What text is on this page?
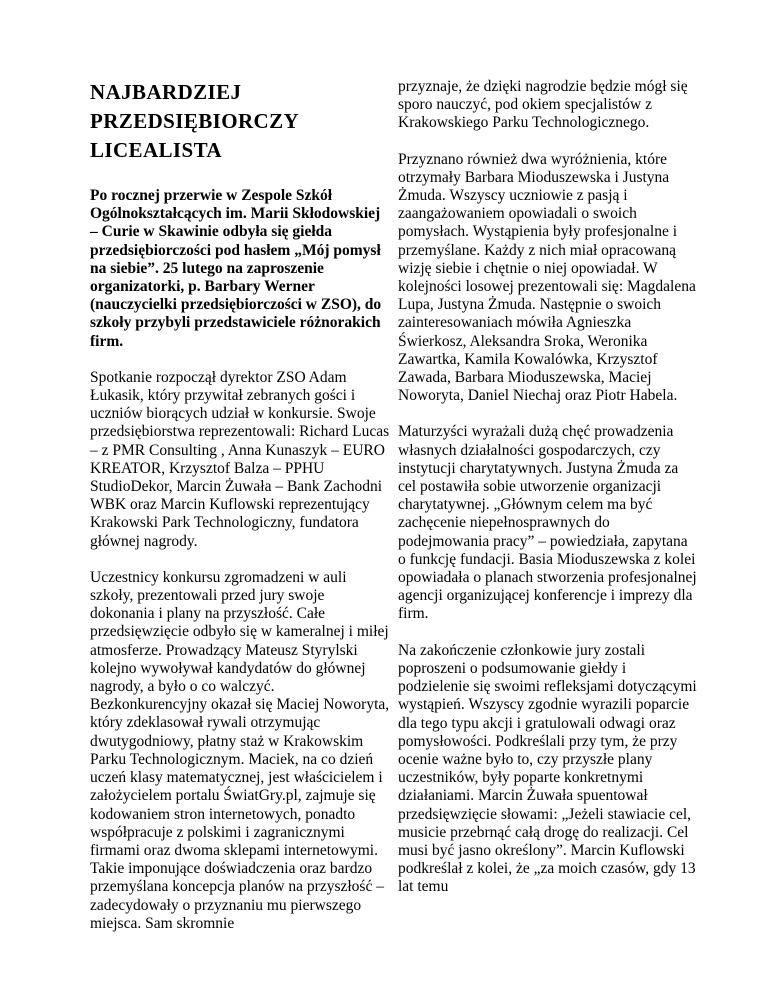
NAJBARDZIEJ PRZEDSIĘBIORCZY LICEALISTA

Po rocznej przerwie w Zespole Szkół Ogólnokształcących im. Marii Skłodowskiej – Curie w Skawinie odbyła się giełda przedsiębiorczości pod hasłem „Mój pomysł na siebie”. 25 lutego na zaproszenie organizatorki, p. Barbary Werner (nauczycielki przedsiębiorczości w ZSO), do szkoły przybyli przedstawiciele różnorakich firm.

Spotkanie rozpoczął dyrektor ZSO Adam Łukasik, który przywitał zebranych gości i uczniów biorących udział w konkursie. Swoje przedsiębiorstwa reprezentowali: Richard Lucas – z PMR Consulting , Anna Kunaszyk – EURO KREATOR, Krzysztof Balza – PPHU StudioDekor, Marcin Żuwała – Bank Zachodni WBK oraz Marcin Kuflowski reprezentujący Krakowski Park Technologiczny, fundatora głównej nagrody.

Uczestnicy konkursu zgromadzeni w auli szkoły, prezentowali przed jury swoje dokonania i plany na przyszłość. Całe przedsięwzięcie odbyło się w kameralnej i miłej atmosferze. Prowadzący Mateusz Styrylski kolejno wywoływał kandydatów do głównej nagrody, a było o co walczyć. Bezkonkurencyjny okazał się Maciej Noworyta, który zdeklasował rywali otrzymując dwutygodniowy, płatny staż w Krakowskim Parku Technologicznym. Maciek, na co dzień uczeń klasy matematycznej, jest właścicielem i założycielem portalu ŚwiatGry.pl, zajmuje się kodowaniem stron internetowych, ponadto współpracuje z polskimi i zagranicznymi firmami oraz dwoma sklepami internetowymi. Takie imponujące doświadczenia oraz bardzo przemyślana koncepcja planów na przyszłość – zadecydowały o przyznaniu mu pierwszego miejsca. Sam skromnie

przyznaje, że dzięki nagrodzie będzie mógł się sporo nauczyć, pod okiem specjalistów z Krakowskiego Parku Technologicznego.

Przyznano również dwa wyróżnienia, które otrzymały Barbara Mioduszewska i Justyna Żmuda. Wszyscy uczniowie z pasją i zaangażowaniem opowiadali o swoich pomysłach. Wystąpienia były profesjonalne i przemyślane. Każdy z nich miał opracowaną wizję siebie i chętnie o niej opowiadał. W kolejności losowej prezentowali się: Magdalena Lupa, Justyna Żmuda. Następnie o swoich zainteresowaniach mówiła Agnieszka Świerkosz, Aleksandra Sroka, Weronika Zawartka, Kamila Kowalówka, Krzysztof Zawada, Barbara Mioduszewska, Maciej Noworyta, Daniel Niechaj oraz Piotr Habela.

Maturzyści wyrażali dużą chęć prowadzenia własnych działalności gospodarczych, czy instytucji charytatywnych. Justyna Żmuda za cel postawiła sobie utworzenie organizacji charytatywnej. „Głównym celem ma być zachęcenie niepełnosprawnych do podejmowania pracy” – powiedziała, zapytana o funkcję fundacji. Basia Mioduszewska z kolei opowiadała o planach stworzenia profesjonalnej agencji organizującej konferencje i imprezy dla firm.

Na zakończenie członkowie jury zostali poproszeni o podsumowanie giełdy i podzielenie się swoimi refleksjami dotyczącymi wystąpień. Wszyscy zgodnie wyrazili poparcie dla tego typu akcji i gratulowali odwagi oraz pomysłowości. Podkreślali przy tym, że przy ocenie ważne było to, czy przyszłe plany uczestników, były poparte konkretnymi działaniami. Marcin Żuwała spuentował przedsięwzięcie słowami: „Jeżeli stawiacie cel, musicie przebrnąć całą drogę do realizacji. Cel musi być jasno określony”. Marcin Kuflowski podkreślał z kolei, że „za moich czasów, gdy 13 lat temu
